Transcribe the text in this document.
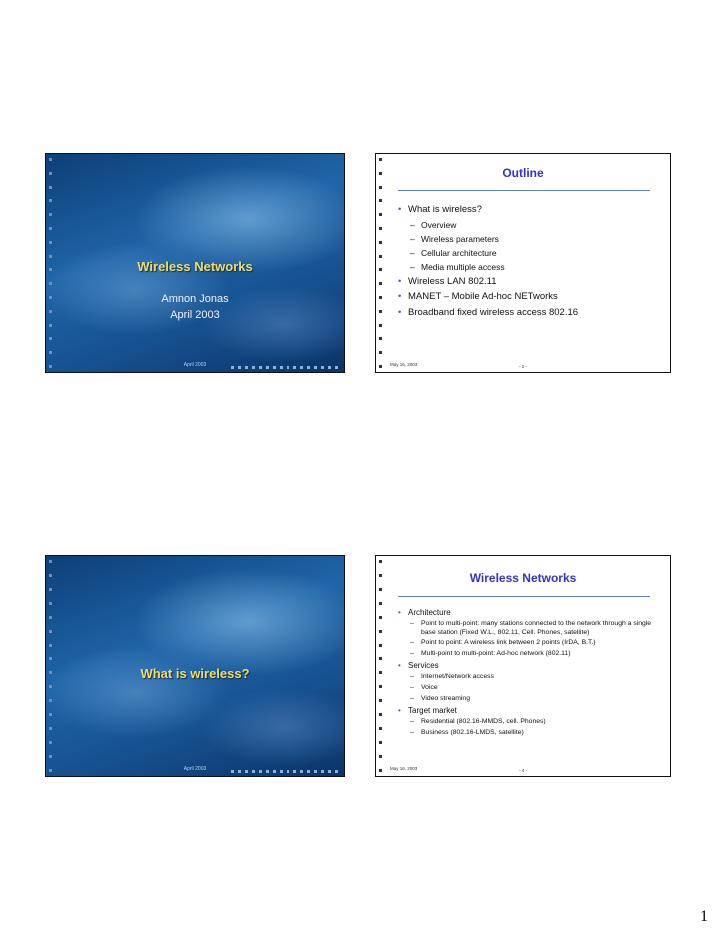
Wireless Networks
Amnon Jonas
April 2003
April 2003
Outline
• What is wireless?
– Overview
– Wireless parameters
– Cellular architecture
– Media multiple access
• Wireless LAN 802.11
• MANET – Mobile Ad-hoc NETworks
• Broadband fixed wireless access 802.16
May 16, 2003	- 2 -
What is wireless?
April 2003
Wireless Networks
• Architecture
– Point to multi-point: many stations connected to the network through a single base station (Fixed W.L., 802.11, Cell. Phones, satellite)
– Point to point: A wireless link between 2 points (IrDA, B.T.)
– Multi-point to multi-point: Ad-hoc network (802.11)
• Services
– Internet/Network access
– Voice
– Video streaming
• Target market
– Residential (802.16-MMDS, cell. Phones)
– Business (802.16-LMDS, satellite)
May 16, 2003	- 4 -
1
